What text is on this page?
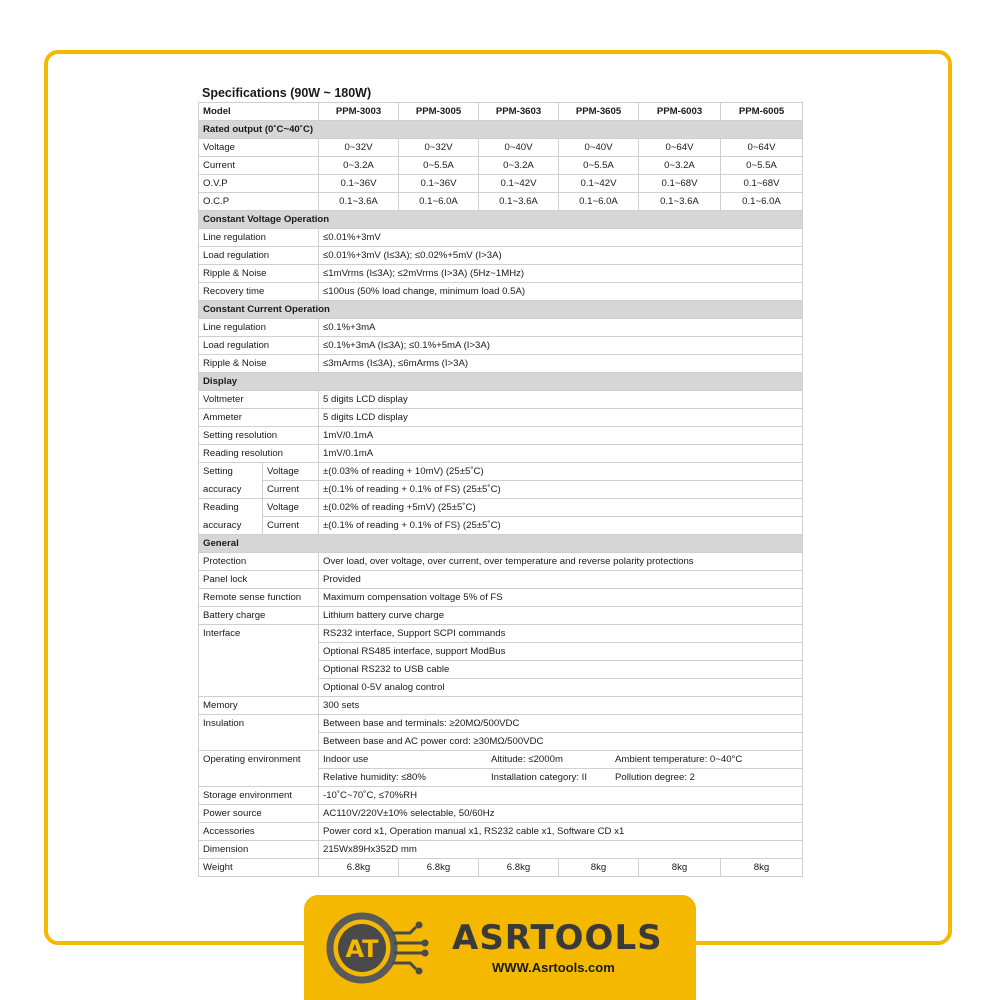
Specifications (90W ~ 180W)
Model		PPM-3003	PPM-3005	PPM-3603	PPM-3605	PPM-6003	PPM-6005
Rated output (0˚C~40˚C)							
Voltage		0~32V	0~32V	0~40V	0~40V	0~64V	0~64V
Current		0~3.2A	0~5.5A	0~3.2A	0~5.5A	0~3.2A	0~5.5A
O.V.P		0.1~36V	0.1~36V	0.1~42V	0.1~42V	0.1~68V	0.1~68V
O.C.P		0.1~3.6A	0.1~6.0A	0.1~3.6A	0.1~6.0A	0.1~3.6A	0.1~6.0A
Constant Voltage Operation							
Line regulation		≤0.01%+3mV					
Load regulation		≤0.01%+3mV (I≤3A); ≤0.02%+5mV (I>3A)					
Ripple & Noise		≤1mVrms (I≤3A); ≤2mVrms (I>3A) (5Hz~1MHz)					
Recovery time		≤100us (50% load change, minimum load 0.5A)					
Constant Current Operation							
Line regulation		≤0.1%+3mA					
Load regulation		≤0.1%+3mA (I≤3A); ≤0.1%+5mA (I>3A)					
Ripple & Noise		≤3mArms (I≤3A), ≤6mArms (I>3A)					
Display							
Voltmeter		5 digits LCD display					
Ammeter		5 digits LCD display					
Setting resolution		1mV/0.1mA					
Reading resolution		1mV/0.1mA					
Setting	Voltage	±(0.03% of reading + 10mV) (25±5˚C)					
accuracy	Current	±(0.1% of reading + 0.1% of FS) (25±5˚C)					
Reading	Voltage	±(0.02% of reading +5mV) (25±5˚C)					
accuracy	Current	±(0.1% of reading + 0.1% of FS) (25±5˚C)					
General							
Protection		Over load, over voltage, over current, over temperature and reverse polarity protections					
Panel lock		Provided					
Remote sense function		Maximum compensation voltage 5% of FS					
Battery charge		Lithium battery curve charge					
Interface		RS232 interface, Support SCPI commands					
		Optional RS485 interface, support ModBus					
		Optional RS232 to USB cable					
		Optional 0-5V analog control					
Memory		300 sets					
Insulation		Between base and terminals: ≥20MΩ/500VDC					
		Between base and AC power cord: ≥30MΩ/500VDC					
Operating environment		Indoor use Altitude: ≤2000m Ambient temperature: 0~40°C					
		Relative humidity: ≤80% Installation category: II Pollution degree: 2					
Storage environment		-10˚C~70˚C, ≤70%RH					
Power source		AC110V/220V±10% selectable, 50/60Hz					
Accessories		Power cord x1, Operation manual x1, RS232 cable x1, Software CD x1					
Dimension		215Wx89Hx352D mm					
Weight		6.8kg	6.8kg	6.8kg	8kg	8kg	8kg
AT ASRTOOLS
WWW.Asrtools.com
